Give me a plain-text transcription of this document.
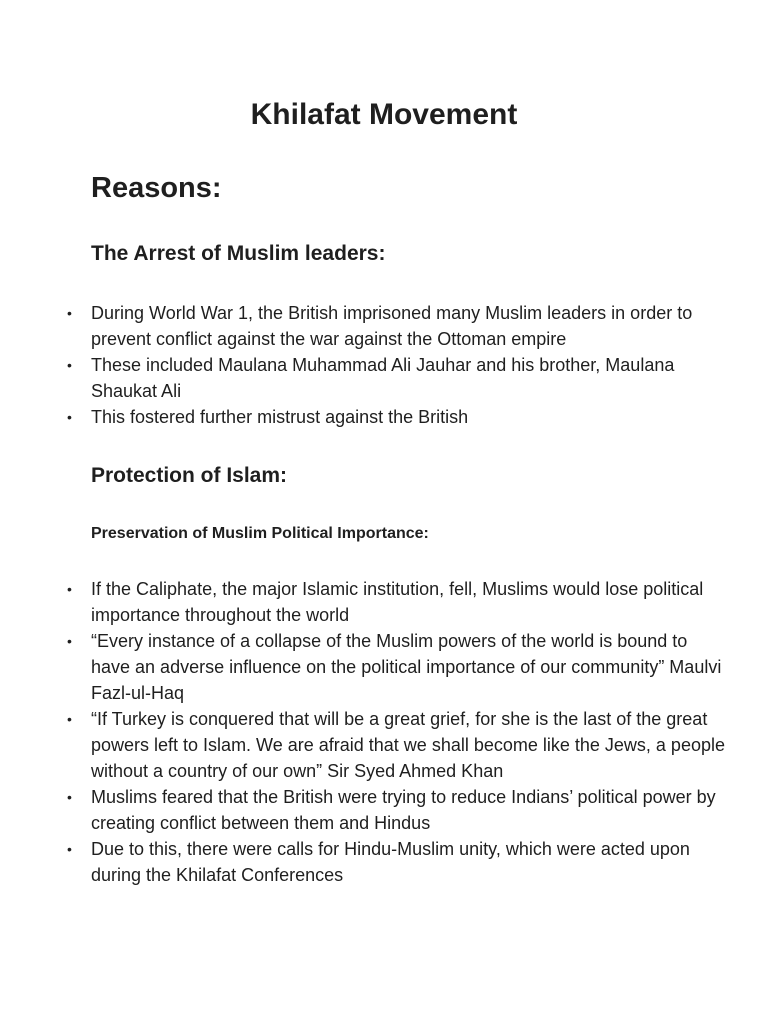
Khilafat Movement
Reasons:
The Arrest of Muslim leaders:
• During World War 1, the British imprisoned many Muslim leaders in order to prevent conflict against the war against the Ottoman empire
• These included Maulana Muhammad Ali Jauhar and his brother, Maulana Shaukat Ali
• This fostered further mistrust against the British
Protection of Islam:
Preservation of Muslim Political Importance:
• If the Caliphate, the major Islamic institution, fell, Muslims would lose political importance throughout the world
• “Every instance of a collapse of the Muslim powers of the world is bound to have an adverse influence on the political importance of our community” Maulvi Fazl-ul-Haq
• “If Turkey is conquered that will be a great grief, for she is the last of the great powers left to Islam. We are afraid that we shall become like the Jews, a people without a country of our own” Sir Syed Ahmed Khan
• Muslims feared that the British were trying to reduce Indians’ political power by creating conflict between them and Hindus
• Due to this, there were calls for Hindu-Muslim unity, which were acted upon during the Khilafat Conferences
